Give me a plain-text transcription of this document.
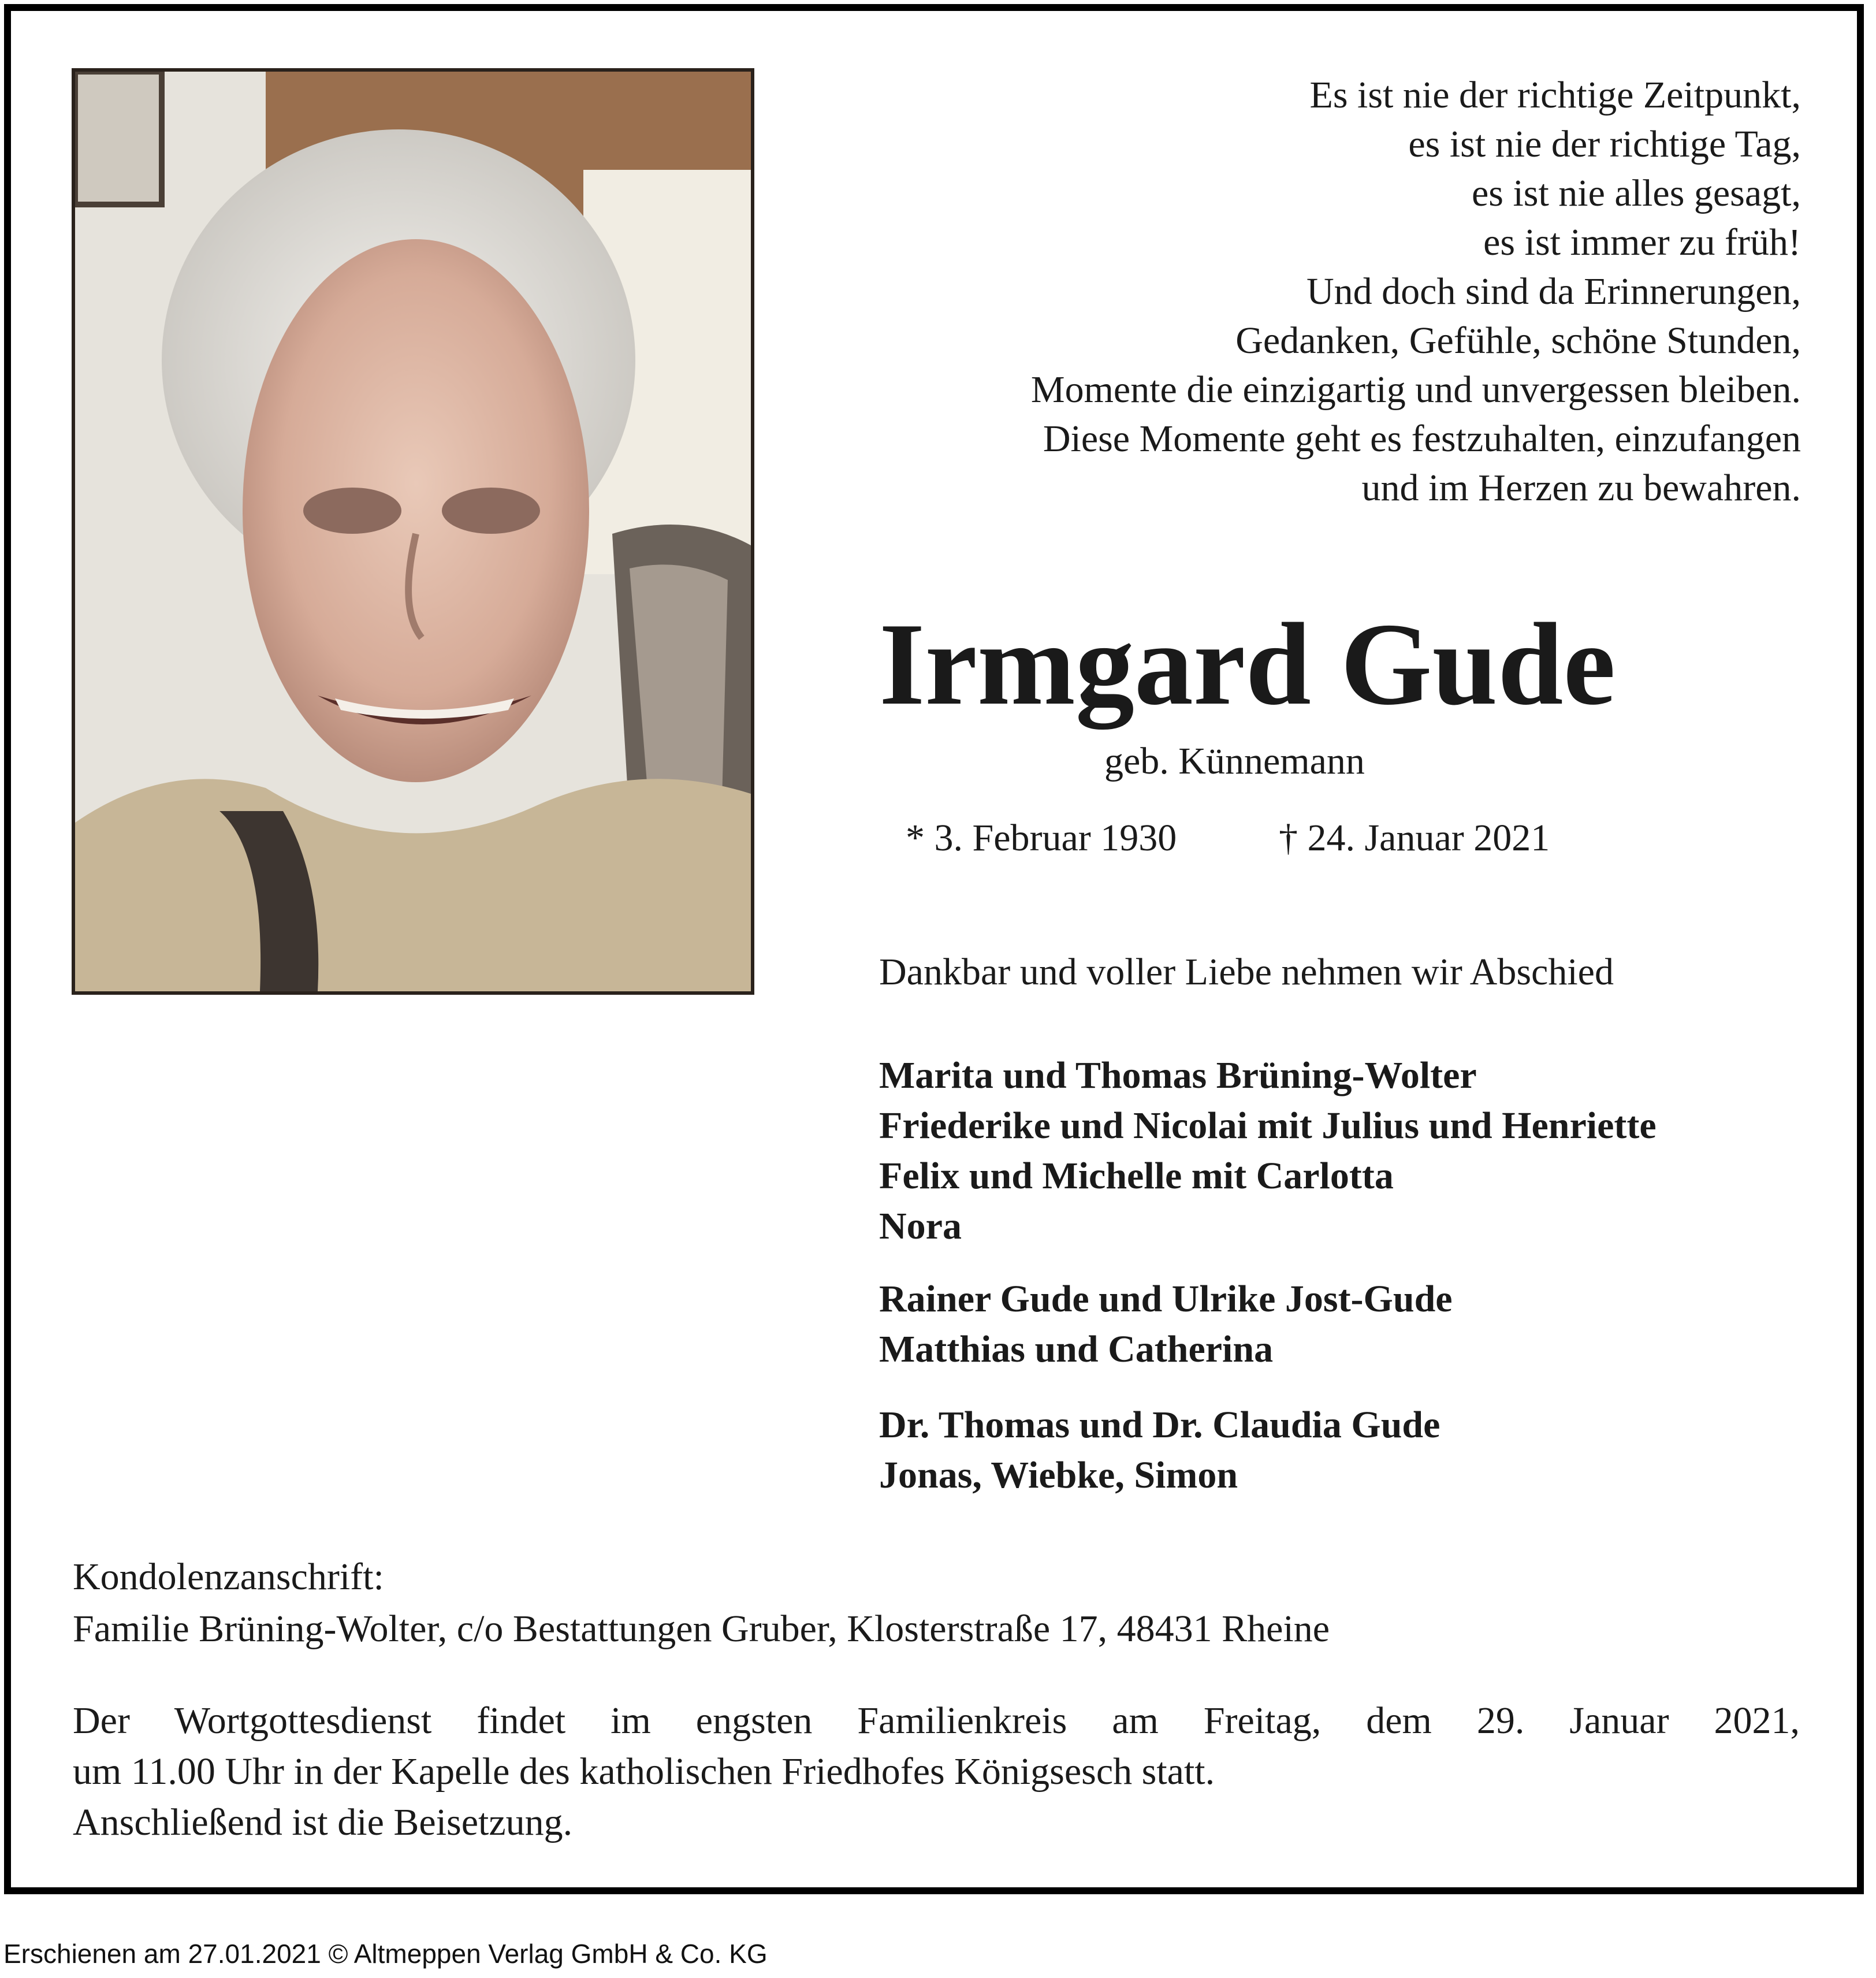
Es ist nie der richtige Zeitpunkt,
es ist nie der richtige Tag,
es ist nie alles gesagt,
es ist immer zu früh!
Und doch sind da Erinnerungen,
Gedanken, Gefühle, schöne Stunden,
Momente die einzigartig und unvergessen bleiben.
Diese Momente geht es festzuhalten, einzufangen
und im Herzen zu bewahren.
Irmgard Gude
geb. Künnemann
* 3. Februar 1930	† 24. Januar 2021
Dankbar und voller Liebe nehmen wir Abschied
Marita und Thomas Brüning-Wolter
Friederike und Nicolai mit Julius und Henriette
Felix und Michelle mit Carlotta
Nora
Rainer Gude und Ulrike Jost-Gude
Matthias und Catherina
Dr. Thomas und Dr. Claudia Gude
Jonas, Wiebke, Simon
Kondolenzanschrift:
Familie Brüning-Wolter, c/o Bestattungen Gruber, Klosterstraße 17, 48431 Rheine
Der Wortgottesdienst findet im engsten Familienkreis am Freitag, dem 29. Januar 2021,
um 11.00 Uhr in der Kapelle des katholischen Friedhofes Königsesch statt.
Anschließend ist die Beisetzung.
Erschienen am 27.01.2021 © Altmeppen Verlag GmbH & Co. KG
